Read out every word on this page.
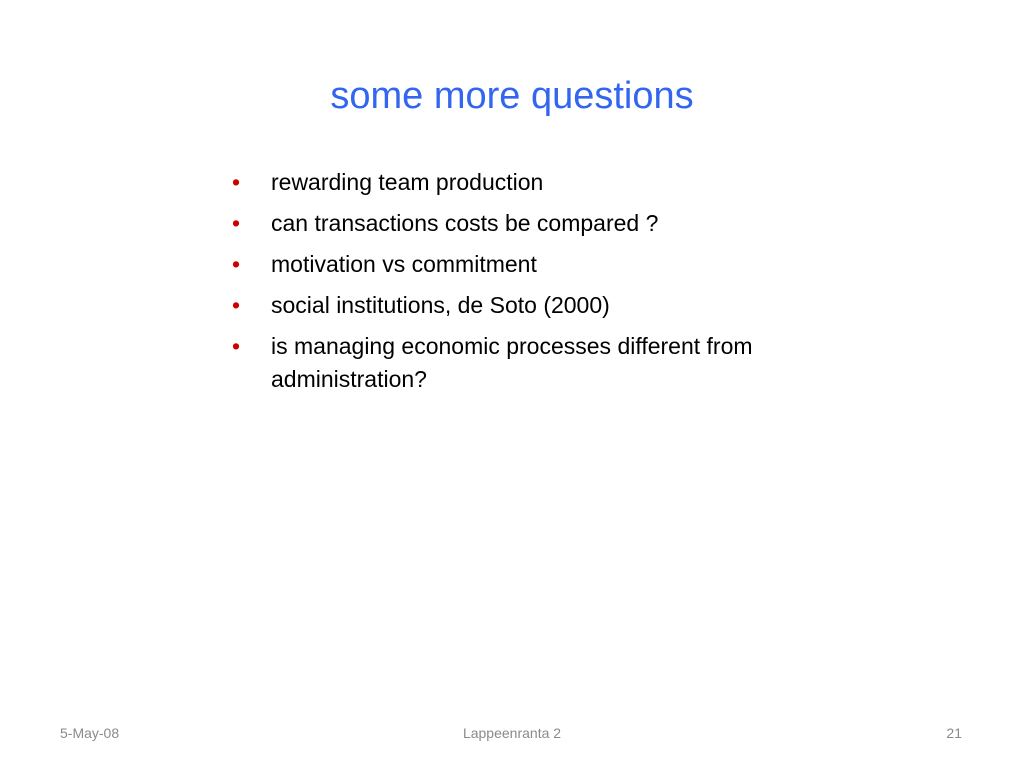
some more questions
• rewarding team production
• can transactions costs be compared ?
• motivation vs commitment
• social institutions, de Soto (2000)
• is managing economic processes different from administration?
5-May-08	Lappeenranta 2	21
